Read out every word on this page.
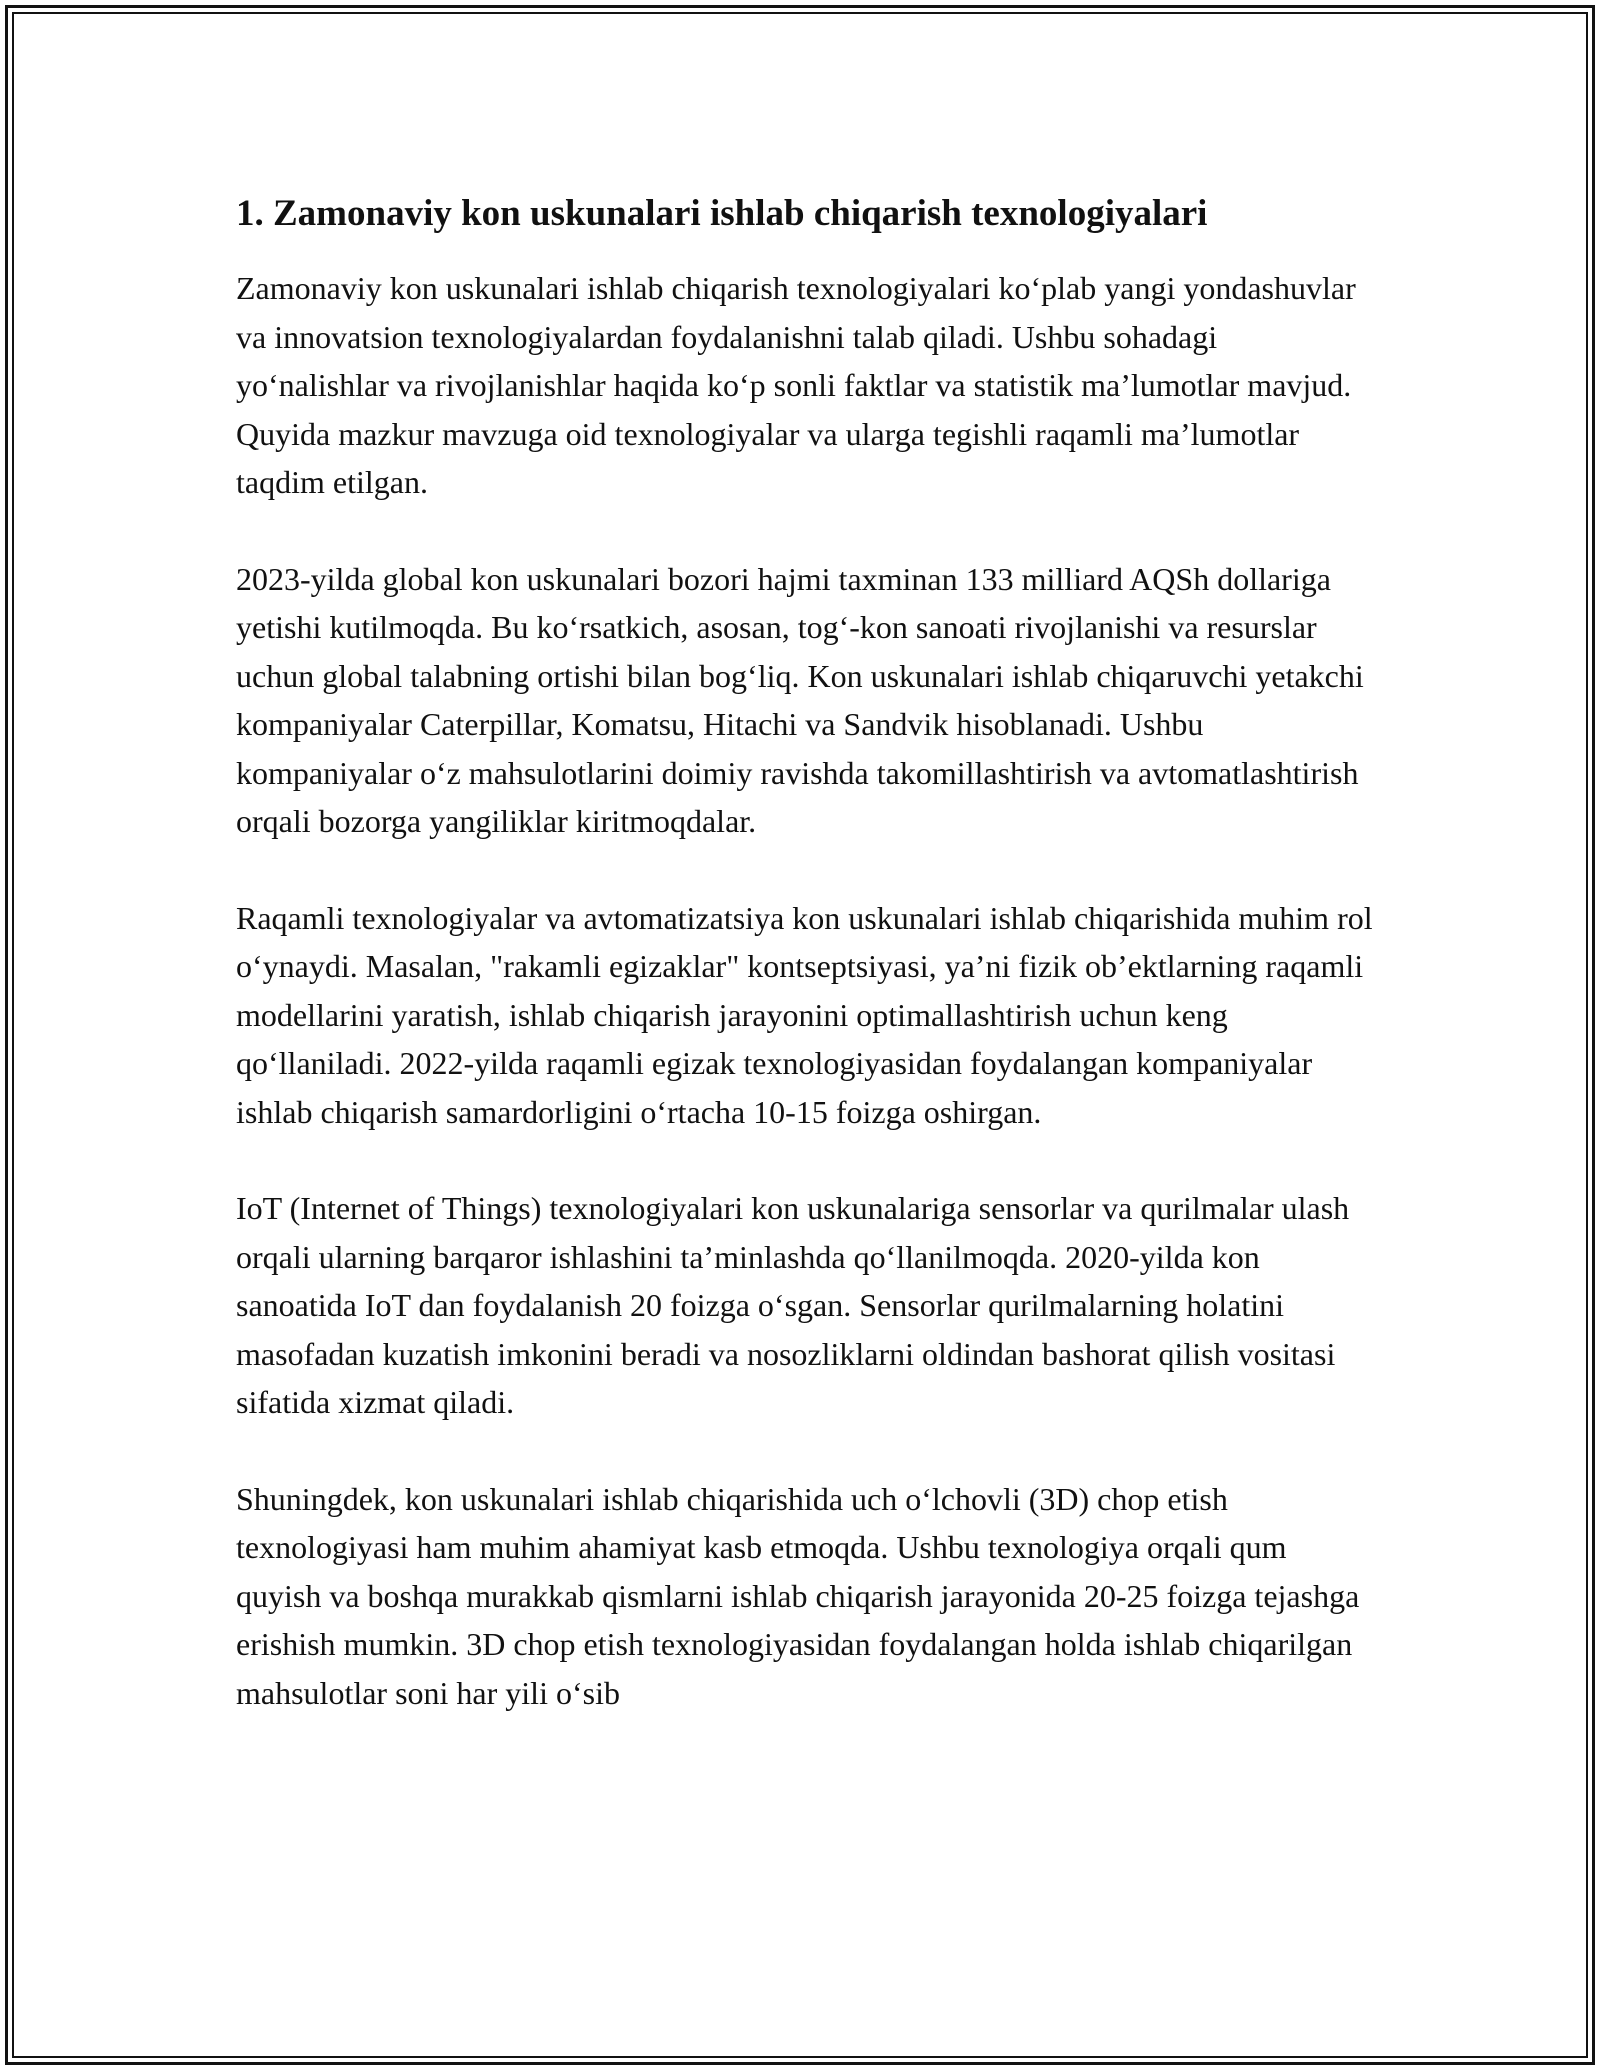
1. Zamonaviy kon uskunalari ishlab chiqarish texnologiyalari

Zamonaviy kon uskunalari ishlab chiqarish texnologiyalari koʻplab yangi yondashuvlar va innovatsion texnologiyalardan foydalanishni talab qiladi. Ushbu sohadagi yoʻnalishlar va rivojlanishlar haqida koʻp sonli faktlar va statistik maʼlumotlar mavjud. Quyida mazkur mavzuga oid texnologiyalar va ularga tegishli raqamli maʼlumotlar taqdim etilgan.

2023-yilda global kon uskunalari bozori hajmi taxminan 133 milliard AQSh dollariga yetishi kutilmoqda. Bu koʻrsatkich, asosan, togʻ-kon sanoati rivojlanishi va resurslar uchun global talabning ortishi bilan bogʻliq. Kon uskunalari ishlab chiqaruvchi yetakchi kompaniyalar Caterpillar, Komatsu, Hitachi va Sandvik hisoblanadi. Ushbu kompaniyalar oʻz mahsulotlarini doimiy ravishda takomillashtirish va avtomatlashtirish orqali bozorga yangiliklar kiritmoqdalar.

Raqamli texnologiyalar va avtomatizatsiya kon uskunalari ishlab chiqarishida muhim rol oʻynaydi. Masalan, "rakamli egizaklar" kontseptsiyasi, yaʼni fizik obʼektlarning raqamli modellarini yaratish, ishlab chiqarish jarayonini optimallashtirish uchun keng qoʻllaniladi. 2022-yilda raqamli egizak texnologiyasidan foydalangan kompaniyalar ishlab chiqarish samardorligini oʻrtacha 10-15 foizga oshirgan.

IoT (Internet of Things) texnologiyalari kon uskunalariga sensorlar va qurilmalar ulash orqali ularning barqaror ishlashini taʼminlashda qoʻllanilmoqda. 2020-yilda kon sanoatida IoT dan foydalanish 20 foizga oʻsgan. Sensorlar qurilmalarning holatini masofadan kuzatish imkonini beradi va nosozliklarni oldindan bashorat qilish vositasi sifatida xizmat qiladi.

Shuningdek, kon uskunalari ishlab chiqarishida uch oʻlchovli (3D) chop etish texnologiyasi ham muhim ahamiyat kasb etmoqda. Ushbu texnologiya orqali qum quyish va boshqa murakkab qismlarni ishlab chiqarish jarayonida 20-25 foizga tejashga erishish mumkin. 3D chop etish texnologiyasidan foydalangan holda ishlab chiqarilgan mahsulotlar soni har yili oʻsib
